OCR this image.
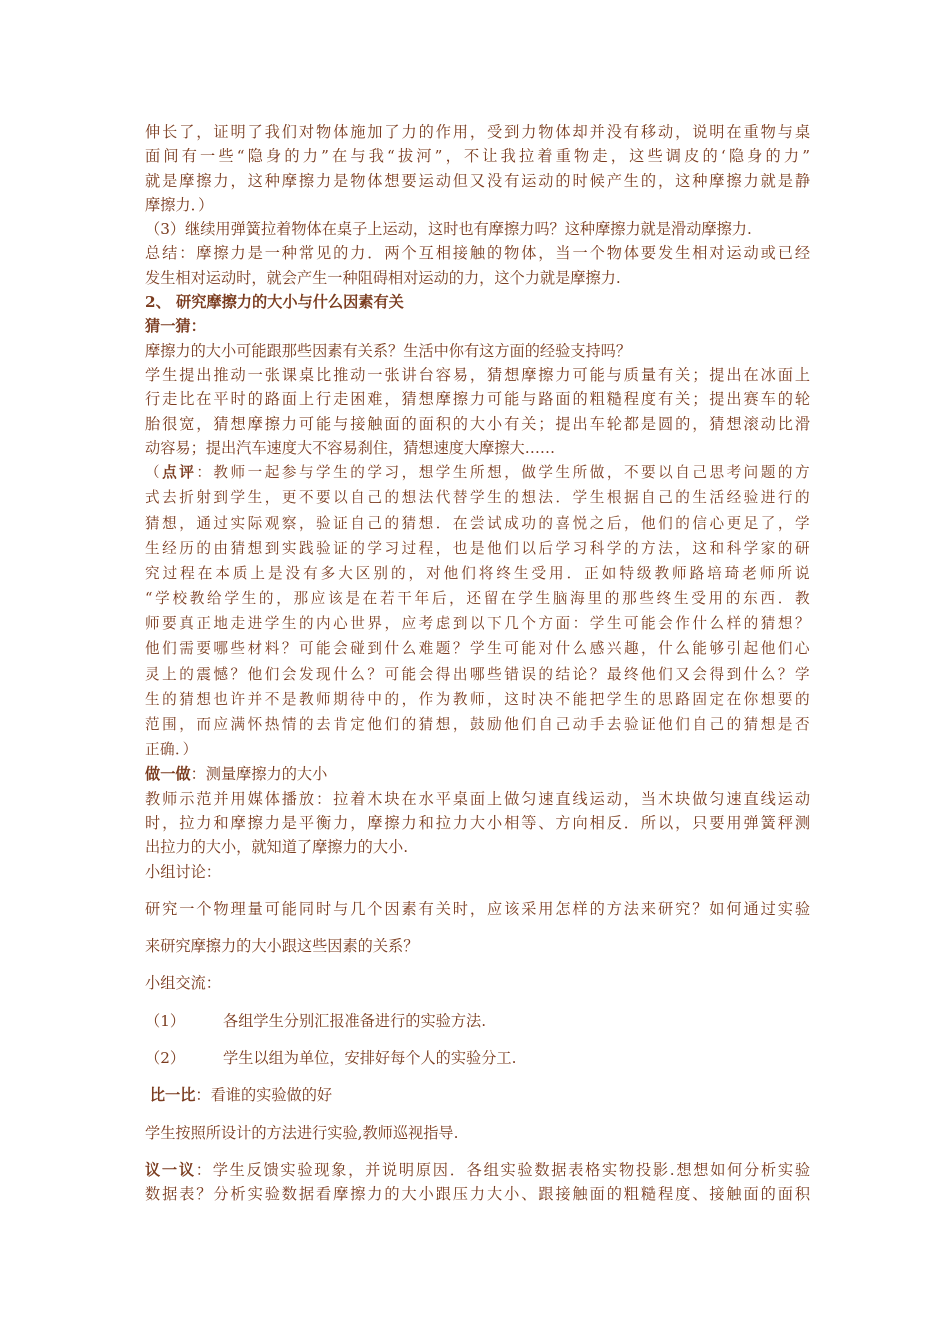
伸长了，证明了我们对物体施加了力的作用，受到力物体却并没有移动，说明在重物与桌
面间有一些“隐身的力”在与我“拔河”，不让我拉着重物走，这些调皮的‘隐身的力”
就是摩擦力，这种摩擦力是物体想要运动但又没有运动的时候产生的，这种摩擦力就是静
摩擦力．）
（3）继续用弹簧拉着物体在桌子上运动，这时也有摩擦力吗？这种摩擦力就是滑动摩擦力.
总结：摩擦力是一种常见的力．两个互相接触的物体，当一个物体要发生相对运动或已经
发生相对运动时，就会产生一种阻碍相对运动的力，这个力就是摩擦力.
2、 研究摩擦力的大小与什么因素有关
猜一猜：
摩擦力的大小可能跟那些因素有关系？生活中你有这方面的经验支持吗？
学生提出推动一张课桌比推动一张讲台容易，猜想摩擦力可能与质量有关；提出在冰面上
行走比在平时的路面上行走困难，猜想摩擦力可能与路面的粗糙程度有关；提出赛车的轮
胎很宽，猜想摩擦力可能与接触面的面积的大小有关；提出车轮都是圆的，猜想滚动比滑
动容易；提出汽车速度大不容易刹住，猜想速度大摩擦大……
（点评：教师一起参与学生的学习，想学生所想，做学生所做，不要以自己思考问题的方
式去折射到学生，更不要以自己的想法代替学生的想法．学生根据自己的生活经验进行的
猜想，通过实际观察，验证自己的猜想．在尝试成功的喜悦之后，他们的信心更足了，学
生经历的由猜想到实践验证的学习过程，也是他们以后学习科学的方法，这和科学家的研
究过程在本质上是没有多大区别的，对他们将终生受用．正如特级教师路培琦老师所说
“学校教给学生的，那应该是在若干年后，还留在学生脑海里的那些终生受用的东西．教
师要真正地走进学生的内心世界，应考虑到以下几个方面：学生可能会作什么样的猜想？
他们需要哪些材料？可能会碰到什么难题？学生可能对什么感兴趣，什么能够引起他们心
灵上的震憾？他们会发现什么？可能会得出哪些错误的结论？最终他们又会得到什么？学
生的猜想也许并不是教师期待中的，作为教师，这时决不能把学生的思路固定在你想要的
范围，而应满怀热情的去肯定他们的猜想，鼓励他们自己动手去验证他们自己的猜想是否
正确．）
做一做：测量摩擦力的大小
教师示范并用媒体播放：拉着木块在水平桌面上做匀速直线运动，当木块做匀速直线运动
时，拉力和摩擦力是平衡力，摩擦力和拉力大小相等、方向相反．所以，只要用弹簧秤测
出拉力的大小，就知道了摩擦力的大小.
小组讨论：
研究一个物理量可能同时与几个因素有关时，应该采用怎样的方法来研究？如何通过实验
来研究摩擦力的大小跟这些因素的关系？
小组交流：
（1） 各组学生分别汇报准备进行的实验方法.
（2） 学生以组为单位，安排好每个人的实验分工.
比一比：看谁的实验做的好
学生按照所设计的方法进行实验,教师巡视指导.
议一议：学生反馈实验现象，并说明原因．各组实验数据表格实物投影.想想如何分析实验
数据表？分析实验数据看摩擦力的大小跟压力大小、跟接触面的粗糙程度、接触面的面积
